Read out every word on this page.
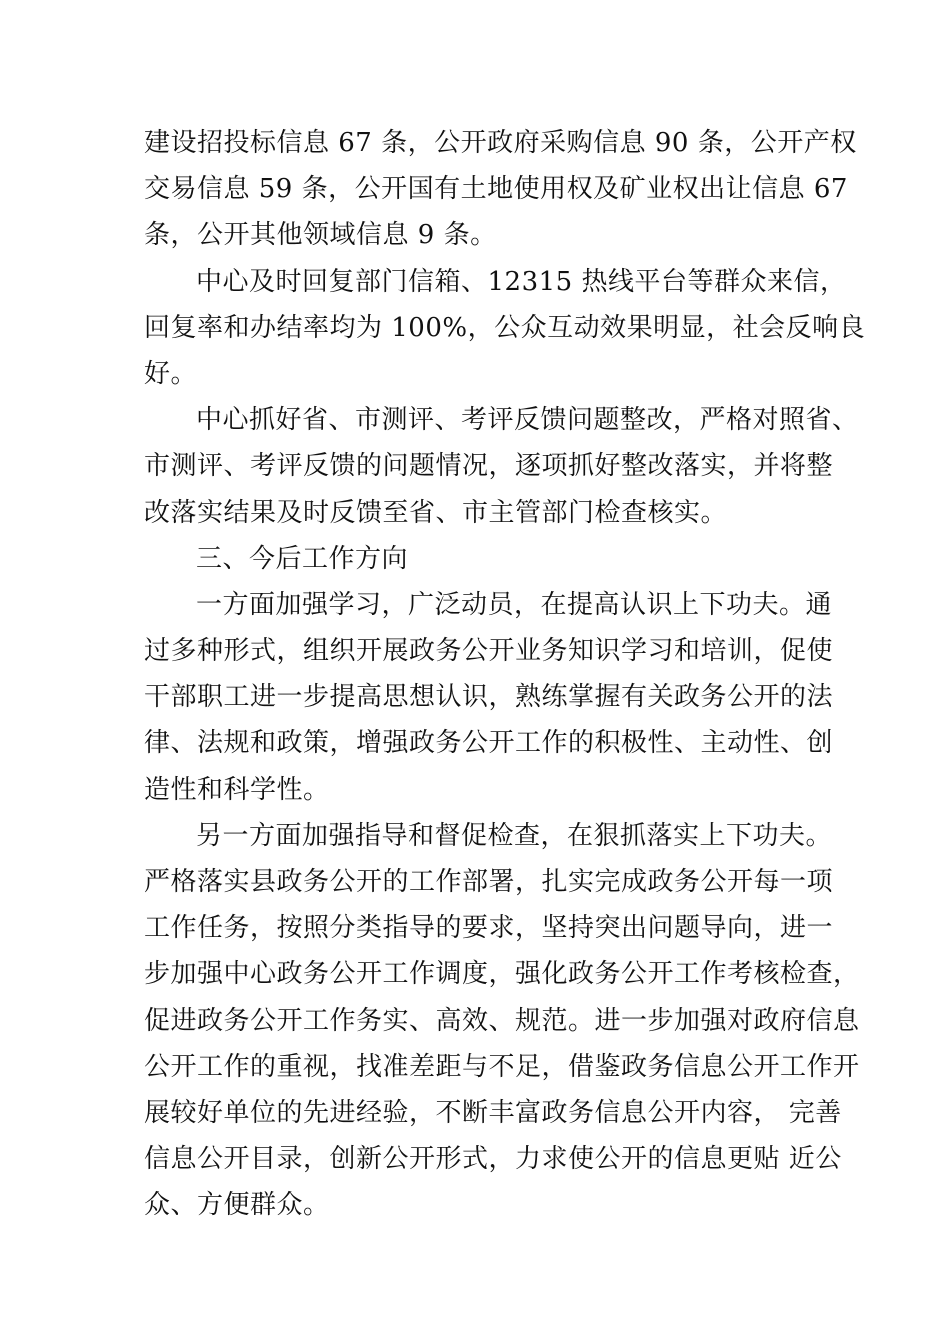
建设招投标信息 67 条，公开政府采购信息 90 条，公开产权
交易信息 59 条，公开国有土地使用权及矿业权出让信息 67
条，公开其他领域信息 9 条。

中心及时回复部门信箱、12315 热线平台等群众来信，
回复率和办结率均为 100%，公众互动效果明显，社会反响良
好。

中心抓好省、市测评、考评反馈问题整改，严格对照省、
市测评、考评反馈的问题情况，逐项抓好整改落实，并将整
改落实结果及时反馈至省、市主管部门检查核实。

三、今后工作方向

一方面加强学习，广泛动员，在提高认识上下功夫。通
过多种形式，组织开展政务公开业务知识学习和培训，促使
干部职工进一步提高思想认识，熟练掌握有关政务公开的法
律、法规和政策，增强政务公开工作的积极性、主动性、创
造性和科学性。

另一方面加强指导和督促检查，在狠抓落实上下功夫。
严格落实县政务公开的工作部署，扎实完成政务公开每一项
工作任务，按照分类指导的要求，坚持突出问题导向，进一
步加强中心政务公开工作调度，强化政务公开工作考核检查，
促进政务公开工作务实、高效、规范。进一步加强对政府信息
公开工作的重视，找准差距与不足，借鉴政务信息公开工作开
展较好单位的先进经验，不断丰富政务信息公开内容， 完善
信息公开目录，创新公开形式，力求使公开的信息更贴 近公
众、方便群众。
